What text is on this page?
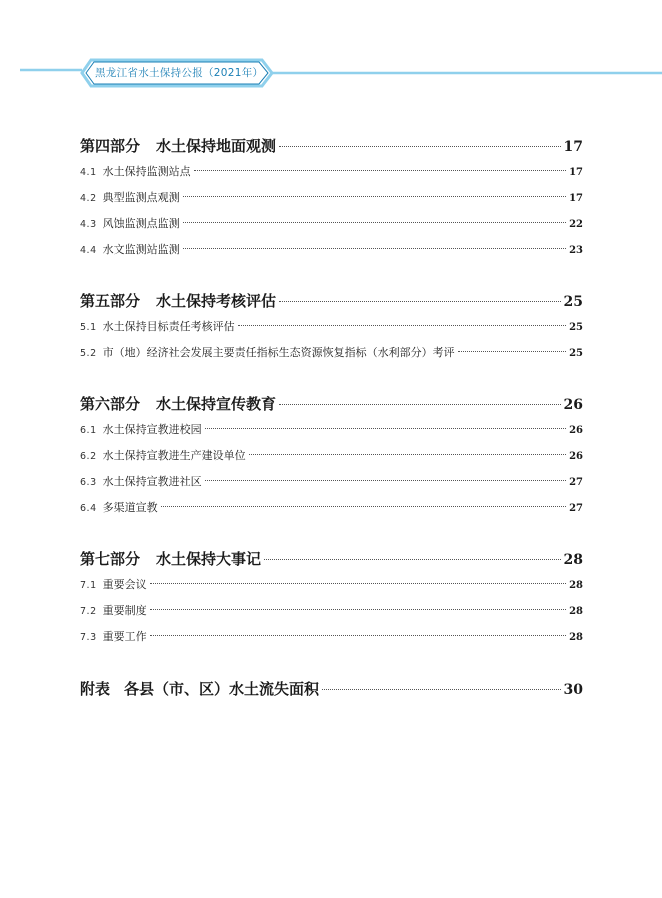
黑龙江省水土保持公报（2021年）
第四部分 水土保持地面观测	17
4.1 水土保持监测站点	17
4.2 典型监测点观测	17
4.3 风蚀监测点监测	22
4.4 水文监测站监测	23
第五部分 水土保持考核评估	25
5.1 水土保持目标责任考核评估	25
5.2 市（地）经济社会发展主要责任指标生态资源恢复指标（水利部分）考评	25
第六部分 水土保持宣传教育	26
6.1 水土保持宣教进校园	26
6.2 水土保持宣教进生产建设单位	26
6.3 水土保持宣教进社区	27
6.4 多渠道宣教	27
第七部分 水土保持大事记	28
7.1 重要会议	28
7.2 重要制度	28
7.3 重要工作	28
附表 各县（市、区）水土流失面积	30
